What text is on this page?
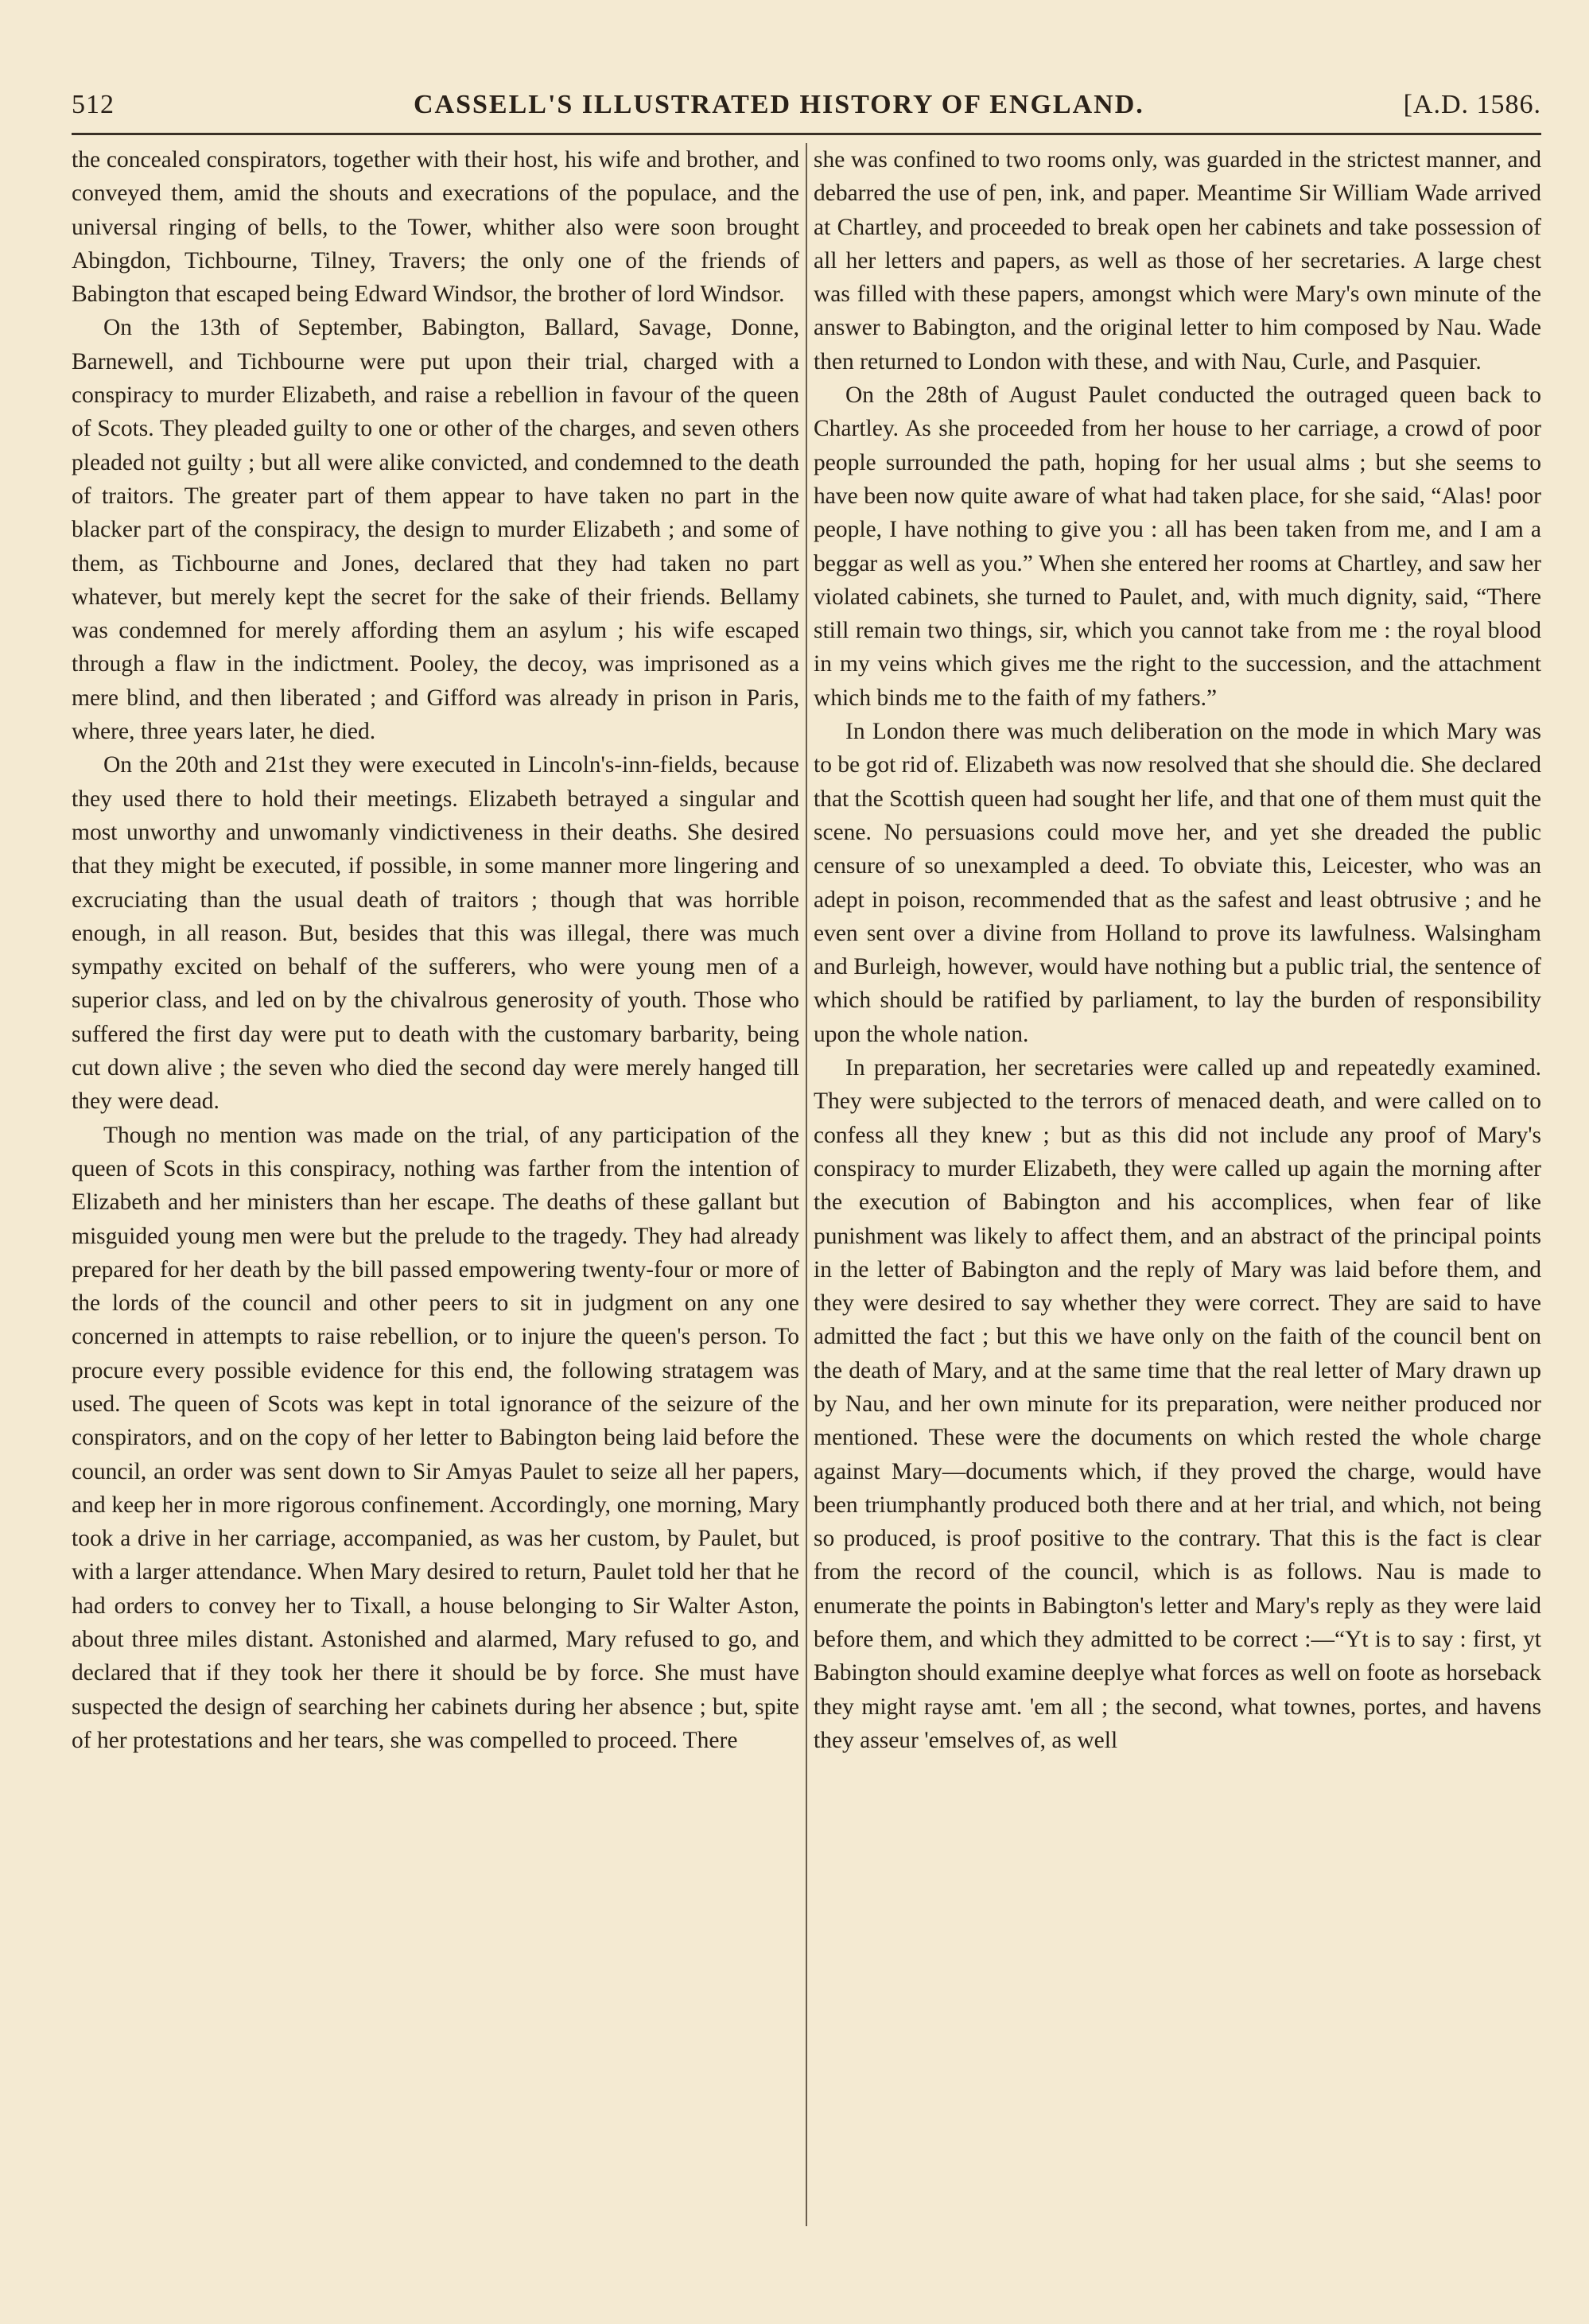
512	CASSELL'S ILLUSTRATED HISTORY OF ENGLAND.	[A.D. 1586.

the concealed conspirators, together with their host, his wife and brother, and conveyed them, amid the shouts and execrations of the populace, and the universal ringing of bells, to the Tower, whither also were soon brought Abingdon, Tichbourne, Tilney, Travers; the only one of the friends of Babington that escaped being Edward Windsor, the brother of lord Windsor.

On the 13th of September, Babington, Ballard, Savage, Donne, Barnewell, and Tichbourne were put upon their trial, charged with a conspiracy to murder Elizabeth, and raise a rebellion in favour of the queen of Scots. They pleaded guilty to one or other of the charges, and seven others pleaded not guilty ; but all were alike convicted, and condemned to the death of traitors. The greater part of them appear to have taken no part in the blacker part of the conspiracy, the design to murder Elizabeth ; and some of them, as Tichbourne and Jones, declared that they had taken no part whatever, but merely kept the secret for the sake of their friends. Bellamy was condemned for merely affording them an asylum ; his wife escaped through a flaw in the indictment. Pooley, the decoy, was imprisoned as a mere blind, and then liberated ; and Gifford was already in prison in Paris, where, three years later, he died.

On the 20th and 21st they were executed in Lincoln's-inn-fields, because they used there to hold their meetings. Elizabeth betrayed a singular and most unworthy and unwomanly vindictiveness in their deaths. She desired that they might be executed, if possible, in some manner more lingering and excruciating than the usual death of traitors ; though that was horrible enough, in all reason. But, besides that this was illegal, there was much sympathy excited on behalf of the sufferers, who were young men of a superior class, and led on by the chivalrous generosity of youth. Those who suffered the first day were put to death with the customary barbarity, being cut down alive ; the seven who died the second day were merely hanged till they were dead.

Though no mention was made on the trial, of any participation of the queen of Scots in this conspiracy, nothing was farther from the intention of Elizabeth and her ministers than her escape. The deaths of these gallant but misguided young men were but the prelude to the tragedy. They had already prepared for her death by the bill passed empowering twenty-four or more of the lords of the council and other peers to sit in judgment on any one concerned in attempts to raise rebellion, or to injure the queen's person. To procure every possible evidence for this end, the following stratagem was used. The queen of Scots was kept in total ignorance of the seizure of the conspirators, and on the copy of her letter to Babington being laid before the council, an order was sent down to Sir Amyas Paulet to seize all her papers, and keep her in more rigorous confinement. Accordingly, one morning, Mary took a drive in her carriage, accompanied, as was her custom, by Paulet, but with a larger attendance. When Mary desired to return, Paulet told her that he had orders to convey her to Tixall, a house belonging to Sir Walter Aston, about three miles distant. Astonished and alarmed, Mary refused to go, and declared that if they took her there it should be by force. She must have suspected the design of searching her cabinets during her absence ; but, spite of her protestations and her tears, she was compelled to proceed. There

she was confined to two rooms only, was guarded in the strictest manner, and debarred the use of pen, ink, and paper. Meantime Sir William Wade arrived at Chartley, and proceeded to break open her cabinets and take possession of all her letters and papers, as well as those of her secretaries. A large chest was filled with these papers, amongst which were Mary's own minute of the answer to Babington, and the original letter to him composed by Nau. Wade then returned to London with these, and with Nau, Curle, and Pasquier.

On the 28th of August Paulet conducted the outraged queen back to Chartley. As she proceeded from her house to her carriage, a crowd of poor people surrounded the path, hoping for her usual alms ; but she seems to have been now quite aware of what had taken place, for she said, “Alas! poor people, I have nothing to give you : all has been taken from me, and I am a beggar as well as you.” When she entered her rooms at Chartley, and saw her violated cabinets, she turned to Paulet, and, with much dignity, said, “There still remain two things, sir, which you cannot take from me : the royal blood in my veins which gives me the right to the succession, and the attachment which binds me to the faith of my fathers.”

In London there was much deliberation on the mode in which Mary was to be got rid of. Elizabeth was now resolved that she should die. She declared that the Scottish queen had sought her life, and that one of them must quit the scene. No persuasions could move her, and yet she dreaded the public censure of so unexampled a deed. To obviate this, Leicester, who was an adept in poison, recommended that as the safest and least obtrusive ; and he even sent over a divine from Holland to prove its lawfulness. Walsingham and Burleigh, however, would have nothing but a public trial, the sentence of which should be ratified by parliament, to lay the burden of responsibility upon the whole nation.

In preparation, her secretaries were called up and repeatedly examined. They were subjected to the terrors of menaced death, and were called on to confess all they knew ; but as this did not include any proof of Mary's conspiracy to murder Elizabeth, they were called up again the morning after the execution of Babington and his accomplices, when fear of like punishment was likely to affect them, and an abstract of the principal points in the letter of Babington and the reply of Mary was laid before them, and they were desired to say whether they were correct. They are said to have admitted the fact ; but this we have only on the faith of the council bent on the death of Mary, and at the same time that the real letter of Mary drawn up by Nau, and her own minute for its preparation, were neither produced nor mentioned. These were the documents on which rested the whole charge against Mary—documents which, if they proved the charge, would have been triumphantly produced both there and at her trial, and which, not being so produced, is proof positive to the contrary. That this is the fact is clear from the record of the council, which is as follows. Nau is made to enumerate the points in Babington's letter and Mary's reply as they were laid before them, and which they admitted to be correct :—“Yt is to say : first, yt Babington should examine deeplye what forces as well on foote as horseback they might rayse amt. 'em all ; the second, what townes, portes, and havens they asseur 'emselves of, as well
